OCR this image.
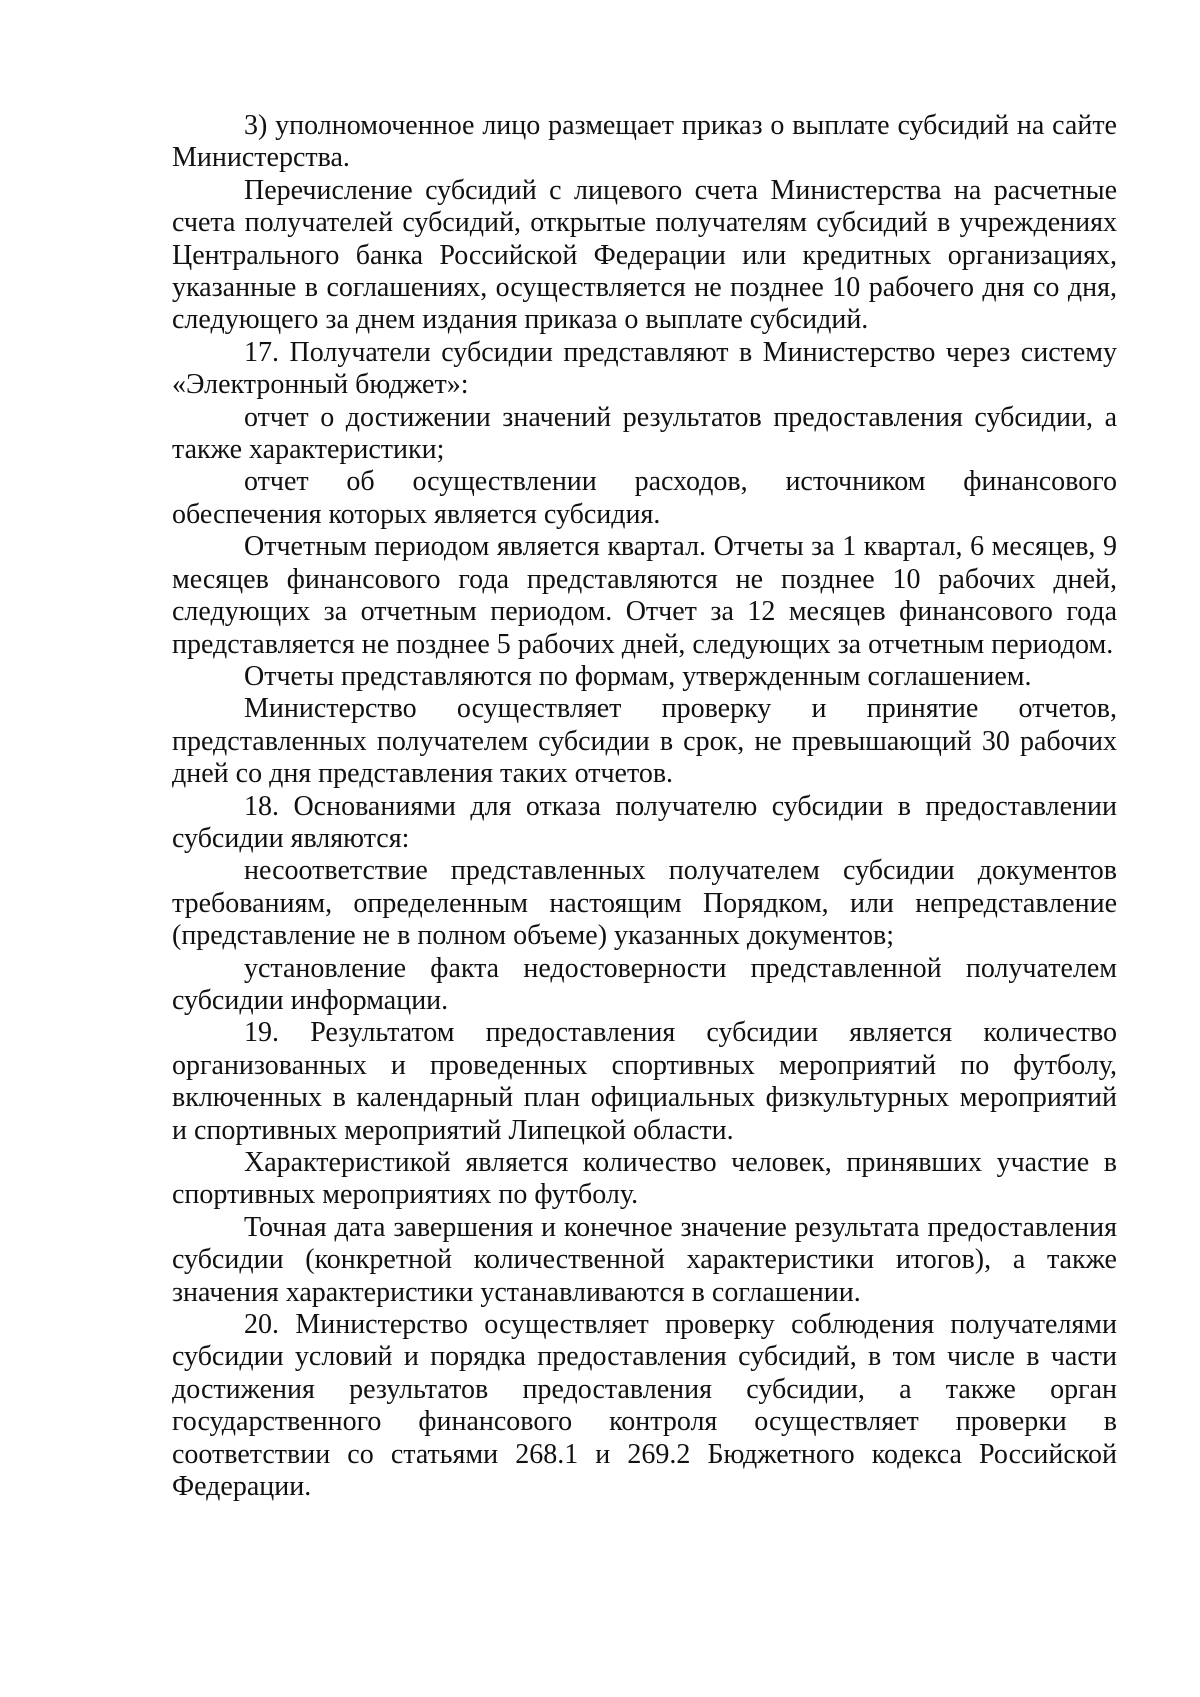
3) уполномоченное лицо размещает приказ о выплате субсидий на сайте Министерства.

Перечисление субсидий с лицевого счета Министерства на расчетные счета получателей субсидий, открытые получателям субсидий в учреждениях Центрального банка Российской Федерации или кредитных организациях, указанные в соглашениях, осуществляется не позднее 10 рабочего дня со дня, следующего за днем издания приказа о выплате субсидий.

17. Получатели субсидии представляют в Министерство через систему «Электронный бюджет»:

отчет о достижении значений результатов предоставления субсидии, а также характеристики;

отчет об осуществлении расходов, источником финансового обеспечения которых является субсидия.

Отчетным периодом является квартал. Отчеты за 1 квартал, 6 месяцев, 9 месяцев финансового года представляются не позднее 10 рабочих дней, следующих за отчетным периодом. Отчет за 12 месяцев финансового года представляется не позднее 5 рабочих дней, следующих за отчетным периодом.

Отчеты представляются по формам, утвержденным соглашением.

Министерство осуществляет проверку и принятие отчетов, представленных получателем субсидии в срок, не превышающий 30 рабочих дней со дня представления таких отчетов.

18. Основаниями для отказа получателю субсидии в предоставлении субсидии являются:

несоответствие представленных получателем субсидии документов требованиям, определенным настоящим Порядком, или непредставление (представление не в полном объеме) указанных документов;

установление факта недостоверности представленной получателем субсидии информации.

19. Результатом предоставления субсидии является количество организованных и проведенных спортивных мероприятий по футболу, включенных в календарный план официальных физкультурных мероприятий и спортивных мероприятий Липецкой области.

Характеристикой является количество человек, принявших участие в спортивных мероприятиях по футболу.

Точная дата завершения и конечное значение результата предоставления субсидии (конкретной количественной характеристики итогов), а также значения характеристики устанавливаются в соглашении.

20. Министерство осуществляет проверку соблюдения получателями субсидии условий и порядка предоставления субсидий, в том числе в части достижения результатов предоставления субсидии, а также орган государственного финансового контроля осуществляет проверки в соответствии со статьями 268.1 и 269.2 Бюджетного кодекса Российской Федерации.
